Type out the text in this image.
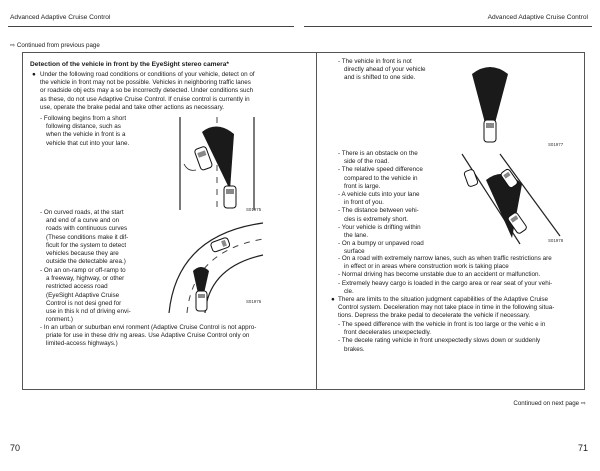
Advanced Adaptive Cruise Control	Advanced Adaptive Cruise Control
⇨ Continued from previous page
Detection of the vehicle in front by the EyeSight stereo camera*
● Under the following road conditions or conditions of your vehicle, detect on of
the vehicle in front may not be possible. Vehicles in neighboring traffic lanes
or roadside obj ects may a so be incorrectly detected. Under conditions such
as these, do not use Adaptive Cruise Control. If cruise control is currently in
use, operate the brake pedal and take other actions as necessary.
- Following begins from a short
following distance, such as
when the vehicle in front is a
vehicle that cut into your lane.
S01975
- On curved roads, at the start
and end of a curve and on
roads with continuous curves
(These conditions make it dif-
ficult for the system to detect
vehicles because they are
outside the detectable area.)
- On an on-ramp or off-ramp to
a freeway, highway, or other
restricted access road
(EyeSight Adaptive Cruise
Control is not desi gned for
use in this k nd of driving envi-
ronment.)
S01976
- In an urban or suburban envi ronment (Adaptive Cruise Control is not appro-
priate for use in these driv ng areas. Use Adaptive Cruise Control only on
limited-access highways.)
- The vehicle in front is not
directly ahead of your vehicle
and is shifted to one side.
S01977
- There is an obstacle on the
side of the road.
- The relative speed difference
compared to the vehicle in
front is large.
- A vehicle cuts into your lane
in front of you.
- The distance between vehi-
cles is extremely short.
- Your vehicle is drifting within
the lane.
- On a bumpy or unpaved road
surface
S01978
- On a road with extremely narrow lanes, such as when traffic restrictions are
in effect or in areas where construction work is taking place
- Normal driving has become unstable due to an accident or malfunction.
- Extremely heavy cargo is loaded in the cargo area or rear seat of your vehi-
cle.
● There are limits to the situation judgment capabilities of the Adaptive Cruise
Control system. Deceleration may not take place in time in the following situa-
tions. Depress the brake pedal to decelerate the vehicle if necessary.
- The speed difference with the vehicle in front is too large or the vehic e in
front decelerates unexpectedly.
- The decele rating vehicle in front unexpectedly slows down or suddenly
brakes.
Continued on next page ⇨
70	71
